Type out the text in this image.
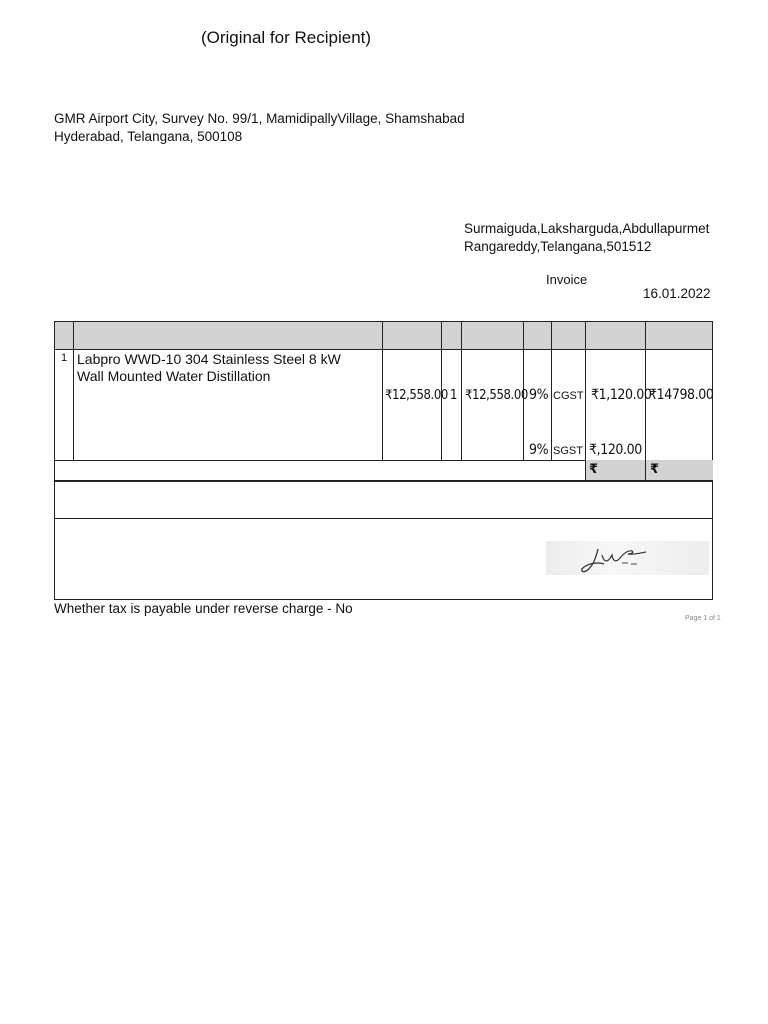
(Original for Recipient)
GMR Airport City, Survey No. 99/1, MamidipallyVillage, Shamshabad
Hyderabad, Telangana, 500108
Surmaiguda,Laksharguda,Abdullapurmet
Rangareddy,Telangana,501512
Invoice
16.01.2022
1 Labpro WWD-10 304 Stainless Steel 8 kW
Wall Mounted Water Distillation
₹12,558.00 1 ₹12,558.00 9% CGST ₹1,120.00
₹14798.00
9% SGST ₹,120.00
₹	₹
Whether tax is payable under reverse charge - No
Page 1 of 1
